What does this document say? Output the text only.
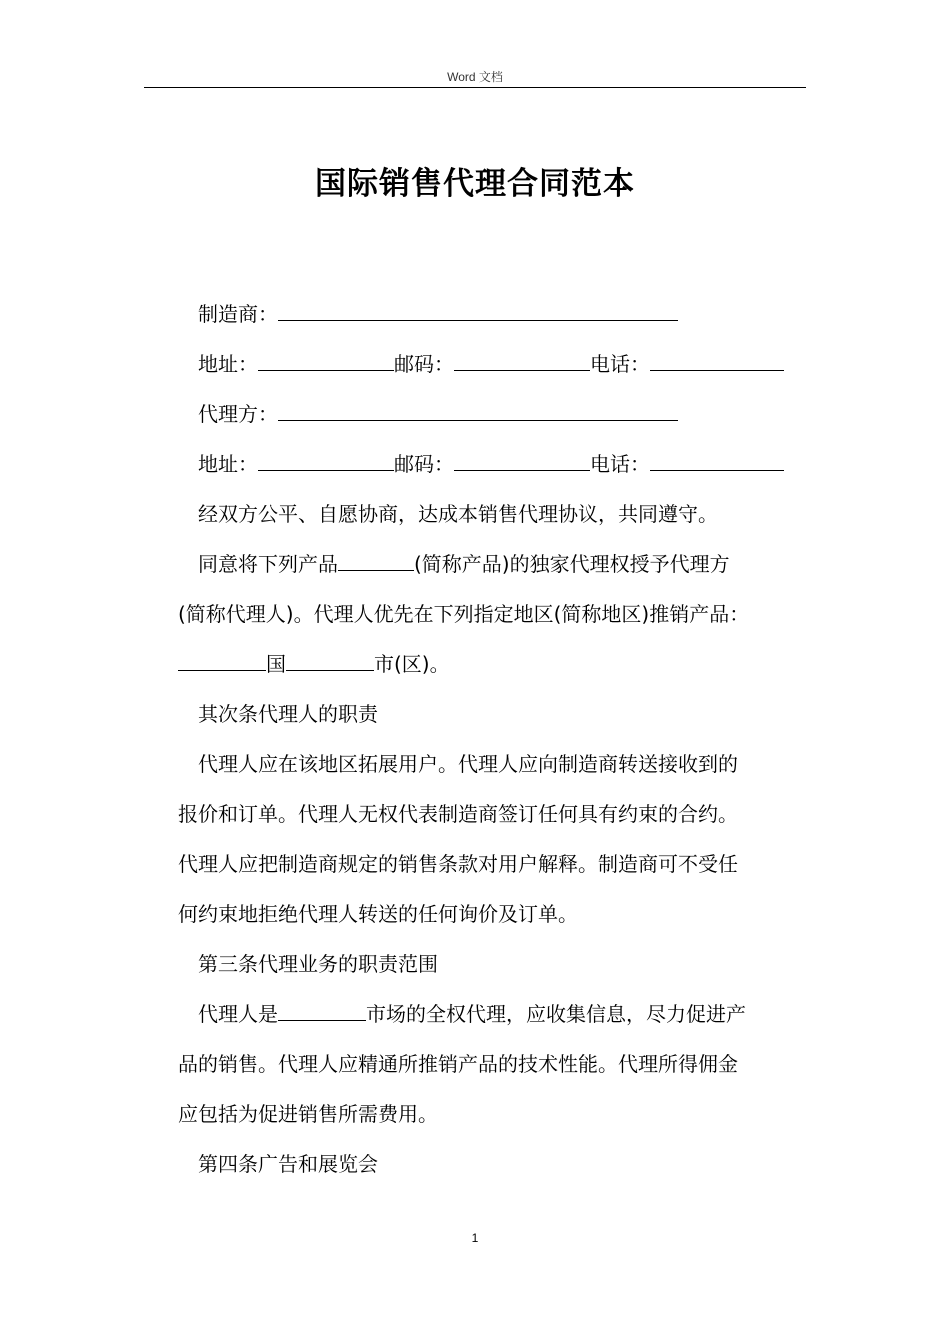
Word 文档
国际销售代理合同范本
制造商：
地址：	邮码：	电话：
代理方：
地址：	邮码：	电话：
经双方公平、自愿协商，达成本销售代理协议，共同遵守。
同意将下列产品	(简称产品)的独家代理权授予代理方
(简称代理人)。代理人优先在下列指定地区(简称地区)推销产品：
国	市(区)。
其次条代理人的职责
代理人应在该地区拓展用户。代理人应向制造商转送接收到的
报价和订单。代理人无权代表制造商签订任何具有约束的合约。
代理人应把制造商规定的销售条款对用户解释。制造商可不受任
何约束地拒绝代理人转送的任何询价及订单。
第三条代理业务的职责范围
代理人是	市场的全权代理，应收集信息，尽力促进产
品的销售。代理人应精通所推销产品的技术性能。代理所得佣金
应包括为促进销售所需费用。
第四条广告和展览会
1
